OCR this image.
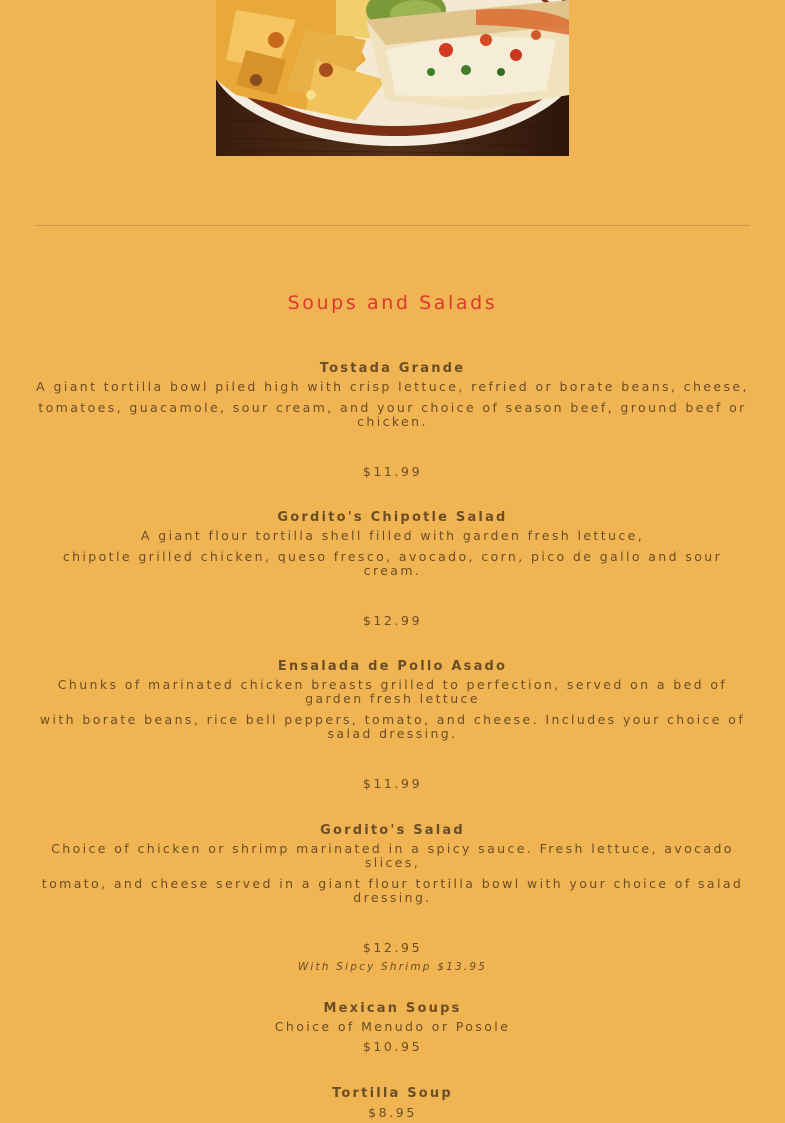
Soups and Salads
Tostada Grande
A giant tortilla bowl piled high with crisp lettuce, refried or borate beans, cheese,
tomatoes, guacamole, sour cream, and your choice of season beef, ground beef or chicken.
$11.99
Gordito's Chipotle Salad
A giant flour tortilla shell filled with garden fresh lettuce,
chipotle grilled chicken, queso fresco, avocado, corn, pico de gallo and sour cream.
$12.99
Ensalada de Pollo Asado
Chunks of marinated chicken breasts grilled to perfection, served on a bed of garden fresh lettuce
with borate beans, rice bell peppers, tomato, and cheese. Includes your choice of salad dressing.
$11.99
Gordito's Salad
Choice of chicken or shrimp marinated in a spicy sauce. Fresh lettuce, avocado slices,
tomato, and cheese served in a giant flour tortilla bowl with your choice of salad dressing.
$12.95
With Sipcy Shrimp $13.95
Mexican Soups
Choice of Menudo or Posole
$10.95
Tortilla Soup
$8.95
